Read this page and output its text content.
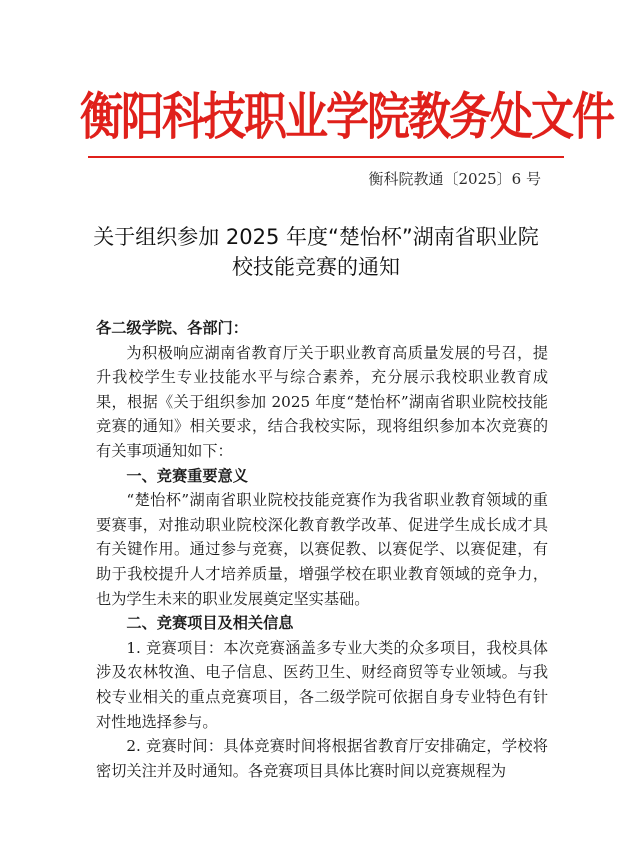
衡阳科技职业学院教务处文件
衡科院教通〔2025〕6 号
关于组织参加 2025 年度“楚怡杯”湖南省职业院校技能竞赛的通知

各二级学院、各部门：

为积极响应湖南省教育厅关于职业教育高质量发展的号召，提升我校学生专业技能水平与综合素养，充分展示我校职业教育成果，根据《关于组织参加 2025 年度“楚怡杯”湖南省职业院校技能竞赛的通知》相关要求，结合我校实际，现将组织参加本次竞赛的有关事项通知如下：

一、竞赛重要意义

“楚怡杯”湖南省职业院校技能竞赛作为我省职业教育领域的重要赛事，对推动职业院校深化教育教学改革、促进学生成长成才具有关键作用。通过参与竞赛，以赛促教、以赛促学、以赛促建，有助于我校提升人才培养质量，增强学校在职业教育领域的竞争力，也为学生未来的职业发展奠定坚实基础。

二、竞赛项目及相关信息

1. 竞赛项目：本次竞赛涵盖多专业大类的众多项目，我校具体涉及农林牧渔、电子信息、医药卫生、财经商贸等专业领域。与我校专业相关的重点竞赛项目，各二级学院可依据自身专业特色有针对性地选择参与。

2. 竞赛时间：具体竞赛时间将根据省教育厅安排确定，学校将密切关注并及时通知。各竞赛项目具体比赛时间以竞赛规程为
